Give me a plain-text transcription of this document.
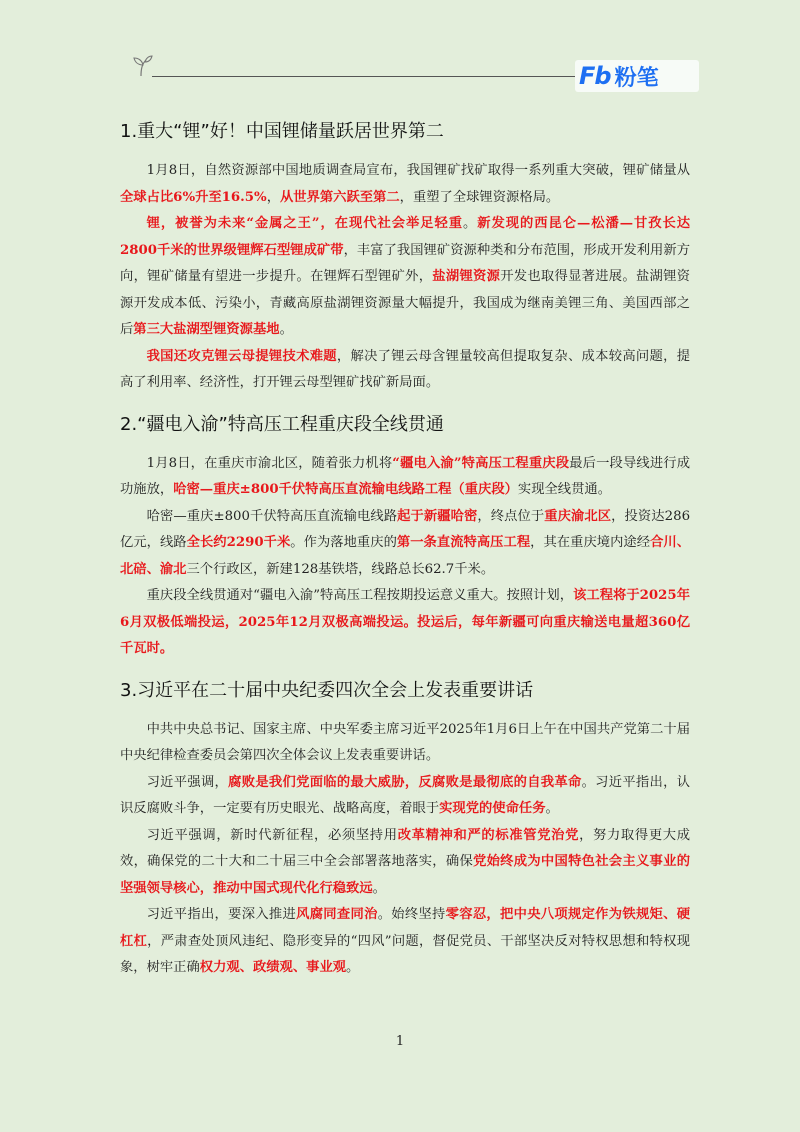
Fb 粉笔
1.重大“锂”好！中国锂储量跃居世界第二

1月8日，自然资源部中国地质调查局宣布，我国锂矿找矿取得一系列重大突破，锂矿储量从全球占比6%升至16.5%，从世界第六跃至第二，重塑了全球锂资源格局。

锂，被誉为未来“金属之王”，在现代社会举足轻重。新发现的西昆仑—松潘—甘孜长达2800千米的世界级锂辉石型锂成矿带，丰富了我国锂矿资源种类和分布范围，形成开发利用新方向，锂矿储量有望进一步提升。在锂辉石型锂矿外，盐湖锂资源开发也取得显著进展。盐湖锂资源开发成本低、污染小，青藏高原盐湖锂资源量大幅提升，我国成为继南美锂三角、美国西部之后第三大盐湖型锂资源基地。

我国还攻克锂云母提锂技术难题，解决了锂云母含锂量较高但提取复杂、成本较高问题，提高了利用率、经济性，打开锂云母型锂矿找矿新局面。

2.“疆电入渝”特高压工程重庆段全线贯通

1月8日，在重庆市渝北区，随着张力机将“疆电入渝”特高压工程重庆段最后一段导线进行成功施放，哈密—重庆±800千伏特高压直流输电线路工程（重庆段）实现全线贯通。

哈密—重庆±800千伏特高压直流输电线路起于新疆哈密，终点位于重庆渝北区，投资达286亿元，线路全长约2290千米。作为落地重庆的第一条直流特高压工程，其在重庆境内途经合川、北碚、渝北三个行政区，新建128基铁塔，线路总长62.7千米。

重庆段全线贯通对“疆电入渝”特高压工程按期投运意义重大。按照计划，该工程将于2025年6月双极低端投运，2025年12月双极高端投运。投运后，每年新疆可向重庆输送电量超360亿千瓦时。

3.习近平在二十届中央纪委四次全会上发表重要讲话

中共中央总书记、国家主席、中央军委主席习近平2025年1月6日上午在中国共产党第二十届中央纪律检查委员会第四次全体会议上发表重要讲话。

习近平强调，腐败是我们党面临的最大威胁，反腐败是最彻底的自我革命。习近平指出，认识反腐败斗争，一定要有历史眼光、战略高度，着眼于实现党的使命任务。

习近平强调，新时代新征程，必须坚持用改革精神和严的标准管党治党，努力取得更大成效，确保党的二十大和二十届三中全会部署落地落实，确保党始终成为中国特色社会主义事业的坚强领导核心，推动中国式现代化行稳致远。

习近平指出，要深入推进风腐同查同治。始终坚持零容忍，把中央八项规定作为铁规矩、硬杠杠，严肃查处顶风违纪、隐形变异的“四风”问题，督促党员、干部坚决反对特权思想和特权现象，树牢正确权力观、政绩观、事业观。

1
